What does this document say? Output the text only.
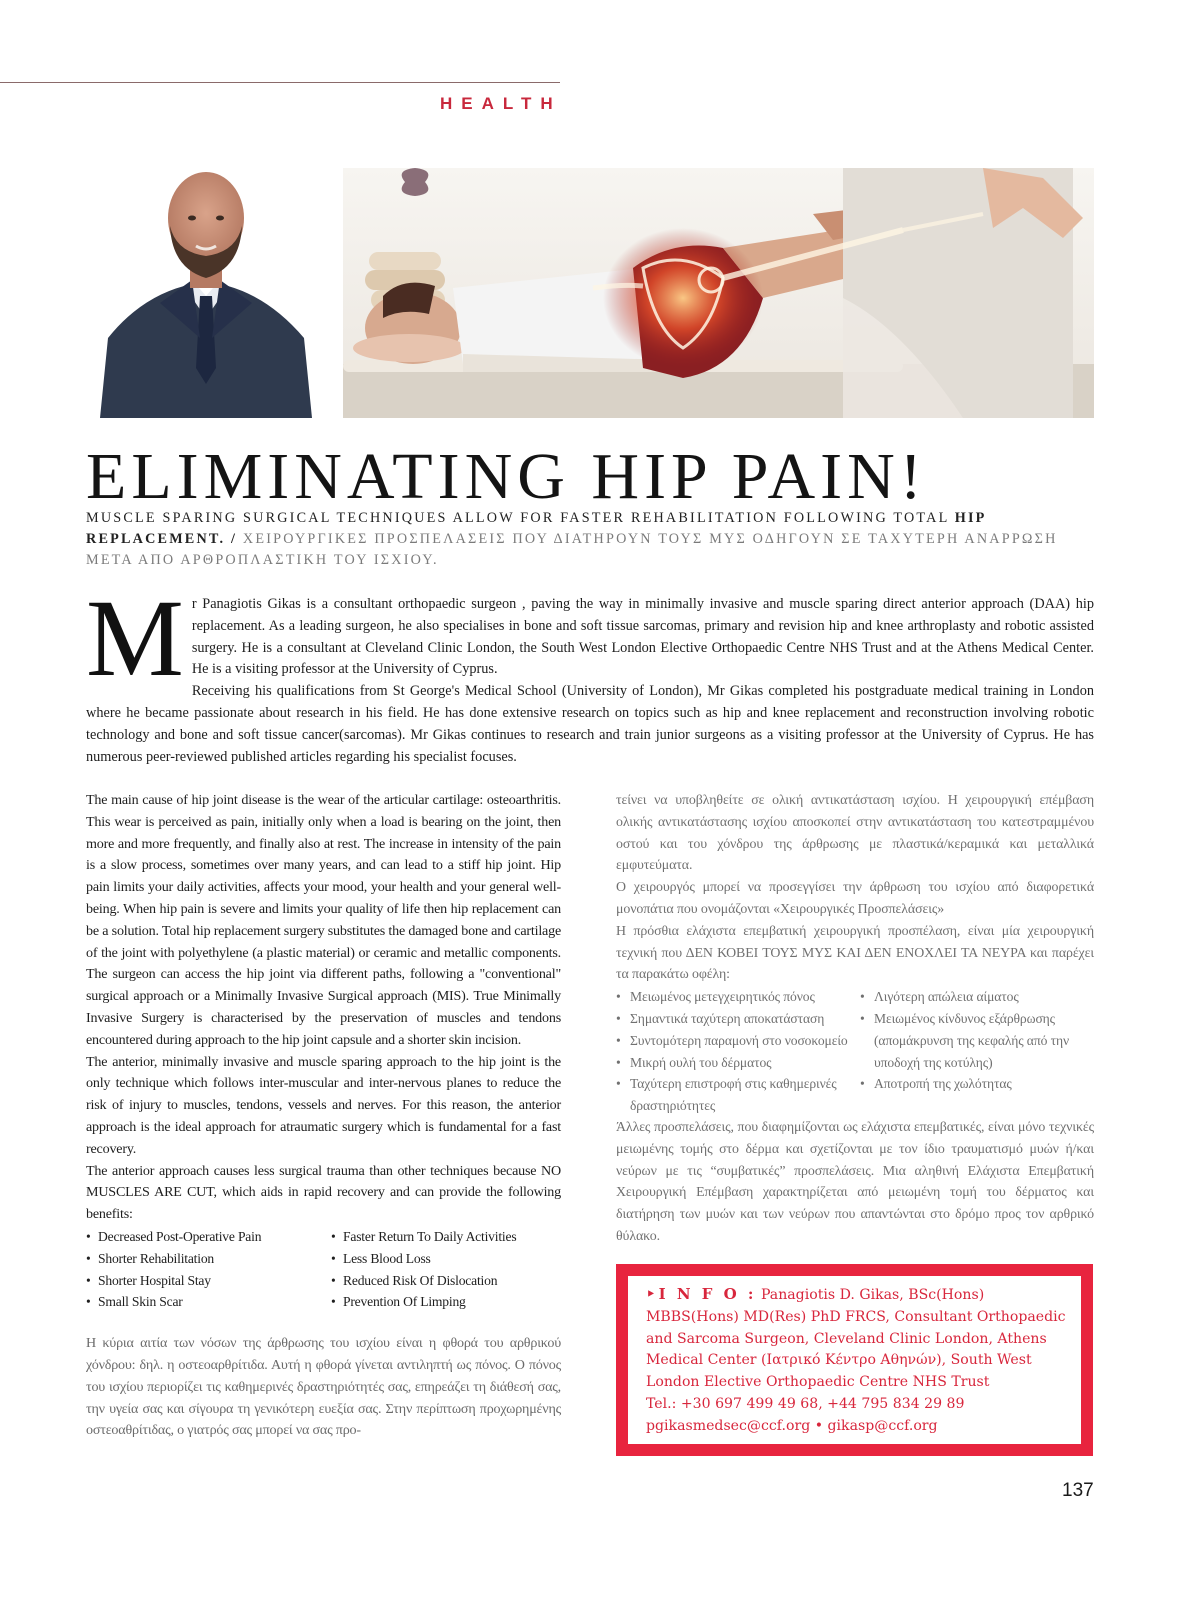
HEALTH
ELIMINATING HIP PAIN!
MUSCLE SPARING SURGICAL TECHNIQUES ALLOW FOR FASTER REHABILITATION FOLLOWING TOTAL HIP REPLACEMENT. / ΧΕΙΡΟΥΡΓΙΚΕΣ ΠΡΟΣΠΕΛΑΣΕΙΣ ΠΟΥ ΔΙΑΤΗΡΟΥΝ ΤΟΥΣ ΜΥΣ ΟΔΗΓΟΥΝ ΣΕ ΤΑΧΥΤΕΡΗ ΑΝΑΡΡΩΣΗ ΜΕΤΑ ΑΠΟ ΑΡΘΡΟΠΛΑΣΤΙΚΗ ΤΟΥ ΙΣΧΙΟΥ.
M r Panagiotis Gikas is a consultant orthopaedic surgeon , paving the way in minimally invasive and muscle sparing direct anterior approach (DAA) hip replacement. As a leading surgeon, he also specialises in bone and soft tissue sarcomas, primary and revision hip and knee arthroplasty and robotic assisted surgery. He is a consultant at Cleveland Clinic London, the South West London Elective Orthopaedic Centre NHS Trust and at the Athens Medical Center. He is a visiting professor at the University of Cyprus.

Receiving his qualifications from St George's Medical School (University of London), Mr Gikas completed his postgraduate medical training in London where he became passionate about research in his field. He has done extensive research on topics such as hip and knee replacement and reconstruction involving robotic technology and bone and soft tissue cancer(sarcomas). Mr Gikas continues to research and train junior surgeons as a visiting professor at the University of Cyprus. He has numerous peer-reviewed published articles regarding his specialist focuses.

The main cause of hip joint disease is the wear of the articular cartilage: osteoarthritis. This wear is perceived as pain, initially only when a load is bearing on the joint, then more and more frequently, and finally also at rest. The increase in intensity of the pain is a slow process, sometimes over many years, and can lead to a stiff hip joint. Hip pain limits your daily activities, affects your mood, your health and your general well-being. When hip pain is severe and limits your quality of life then hip replacement can be a solution. Total hip replacement surgery substitutes the damaged bone and cartilage of the joint with polyethylene (a plastic material) or ceramic and metallic components. The surgeon can access the hip joint via different paths, following a "conventional" surgical approach or a Minimally Invasive Surgical approach (MIS). True Minimally Invasive Surgery is characterised by the preservation of muscles and tendons encountered during approach to the hip joint capsule and a shorter skin incision.

The anterior, minimally invasive and muscle sparing approach to the hip joint is the only technique which follows inter-muscular and inter-nervous planes to reduce the risk of injury to muscles, tendons, vessels and nerves. For this reason, the anterior approach is the ideal approach for atraumatic surgery which is fundamental for a fast recovery.

The anterior approach causes less surgical trauma than other techniques because NO MUSCLES ARE CUT, which aids in rapid recovery and can provide the following benefits:

• Decreased Post-Operative Pain	• Faster Return To Daily Activities
• Shorter Rehabilitation	• Less Blood Loss
• Shorter Hospital Stay	• Reduced Risk Of Dislocation
• Small Skin Scar	• Prevention Of Limping

Η κύρια αιτία των νόσων της άρθρωσης του ισχίου είναι η φθορά του αρθρικού χόνδρου: δηλ. η οστεοαρθρίτιδα. Αυτή η φθορά γίνεται αντιληπτή ως πόνος. Ο πόνος του ισχίου περιορίζει τις καθημερινές δραστηριότητές σας, επηρεάζει τη διάθεσή σας, την υγεία σας και σίγουρα τη γενικότερη ευεξία σας. Στην περίπτωση προχωρημένης οστεοαθρίτιδας, ο γιατρός σας μπορεί να σας προ-

τείνει να υποβληθείτε σε ολική αντικατάσταση ισχίου. Η χειρουργική επέμβαση ολικής αντικατάστασης ισχίου αποσκοπεί στην αντικατάσταση του κατεστραμμένου οστού και του χόνδρου της άρθρωσης με πλαστικά/κεραμικά και μεταλλικά εμφυτεύματα.

Ο χειρουργός μπορεί να προσεγγίσει την άρθρωση του ισχίου από διαφορετικά μονοπάτια που ονομάζονται «Χειρουργικές Προσπελάσεις»

Η πρόσθια ελάχιστα επεμβατική χειρουργική προσπέλαση, είναι μία χειρουργική τεχνική που ΔΕΝ ΚΟΒΕΙ ΤΟΥΣ ΜΥΣ ΚΑΙ ΔΕΝ ΕΝΟΧΛΕΙ ΤΑ ΝΕΥΡΑ και παρέχει τα παρακάτω οφέλη:

• Μειωμένος μετεγχειρητικός πόνος
• Σημαντικά ταχύτερη αποκατάσταση
• Συντομότερη παραμονή στο νοσοκομείο
• Μικρή ουλή του δέρματος
• Ταχύτερη επιστροφή στις καθημερινές δραστηριότητες
• Λιγότερη απώλεια αίματος
• Μειωμένος κίνδυνος εξάρθρωσης (απομάκρυνση της κεφαλής από την υποδοχή της κοτύλης)
• Αποτροπή της χωλότητας

Άλλες προσπελάσεις, που διαφημίζονται ως ελάχιστα επεμβατικές, είναι μόνο τεχνικές μειωμένης τομής στο δέρμα και σχετίζονται με τον ίδιο τραυματισμό μυών ή/και νεύρων με τις “συμβατικές” προσπελάσεις. Μια αληθινή Ελάχιστα Επεμβατική Χειρουργική Επέμβαση χαρακτηρίζεται από μειωμένη τομή του δέρματος και διατήρηση των μυών και των νεύρων που απαντώνται στο δρόμο προς τον αρθρικό θύλακο.

‣I N F O : Panagiotis D. Gikas, BSc(Hons) MBBS(Hons) MD(Res) PhD FRCS, Consultant Orthopaedic and Sarcoma Surgeon, Cleveland Clinic London, Athens Medical Center (Ιατρικό Κέντρο Αθηνών), South West London Elective Orthopaedic Centre NHS Trust
Tel.: +30 697 499 49 68, +44 795 834 29 89
pgikasmedsec@ccf.org • gikasp@ccf.org
137
